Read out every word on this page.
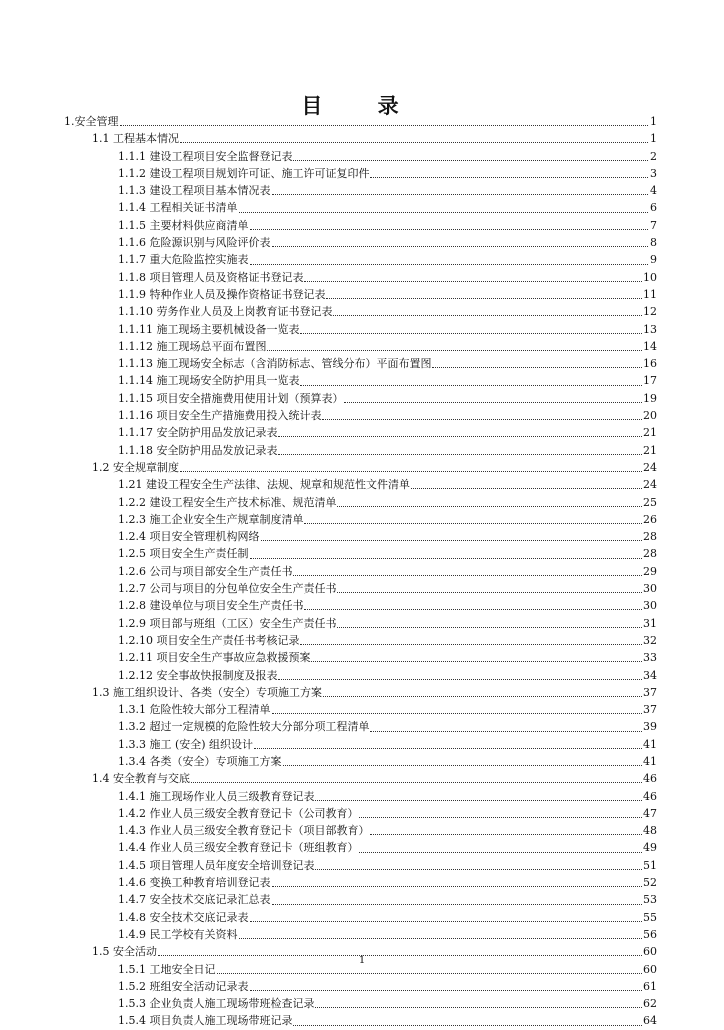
目 录
1.安全管理	1
1.1 工程基本情况	1
1.1.1 建设工程项目安全监督登记表	2
1.1.2 建设工程项目规划许可证、施工许可证复印件	3
1.1.3 建设工程项目基本情况表	4
1.1.4 工程相关证书清单	6
1.1.5 主要材料供应商清单	7
1.1.6 危险源识别与风险评价表	8
1.1.7 重大危险监控实施表	9
1.1.8 项目管理人员及资格证书登记表	10
1.1.9 特种作业人员及操作资格证书登记表	11
1.1.10 劳务作业人员及上岗教育证书登记表	12
1.1.11 施工现场主要机械设备一览表	13
1.1.12 施工现场总平面布置图	14
1.1.13 施工现场安全标志（含消防标志、管线分布）平面布置图	16
1.1.14 施工现场安全防护用具一览表	17
1.1.15 项目安全措施费用使用计划（预算表）	19
1.1.16 项目安全生产措施费用投入统计表	20
1.1.17 安全防护用品发放记录表	21
1.1.18 安全防护用品发放记录表	21
1.2 安全规章制度	24
1.21 建设工程安全生产法律、法规、规章和规范性文件清单	24
1.2.2 建设工程安全生产技术标准、规范清单	25
1.2.3 施工企业安全生产规章制度清单	26
1.2.4 项目安全管理机构网络	28
1.2.5 项目安全生产责任制	28
1.2.6 公司与项目部安全生产责任书	29
1.2.7 公司与项目的分包单位安全生产责任书	30
1.2.8 建设单位与项目安全生产责任书	30
1.2.9 项目部与班组（工区）安全生产责任书	31
1.2.10 项目安全生产责任书考核记录	32
1.2.11 项目安全生产事故应急救援预案	33
1.2.12 安全事故快报制度及报表	34
1.3 施工组织设计、各类（安全）专项施工方案	37
1.3.1 危险性较大部分工程清单	37
1.3.2 超过一定规模的危险性较大分部分项工程清单	39
1.3.3 施工 (安全) 组织设计	41
1.3.4 各类（安全）专项施工方案	41
1.4 安全教育与交底	46
1.4.1 施工现场作业人员三级教育登记表	46
1.4.2 作业人员三级安全教育登记卡（公司教育）	47
1.4.3 作业人员三级安全教育登记卡（项目部教育）	48
1.4.4 作业人员三级安全教育登记卡（班组教育）	49
1.4.5 项目管理人员年度安全培训登记表	51
1.4.6 变换工种教育培训登记表	52
1.4.7 安全技术交底记录汇总表	53
1.4.8 安全技术交底记录表	55
1.4.9 民工学校有关资料	56
1.5 安全活动	60
1.5.1 工地安全日记	60
1.5.2 班组安全活动记录表	61
1.5.3 企业负责人施工现场带班检查记录	62
1.5.4 项目负责人施工现场带班记录	64
1
